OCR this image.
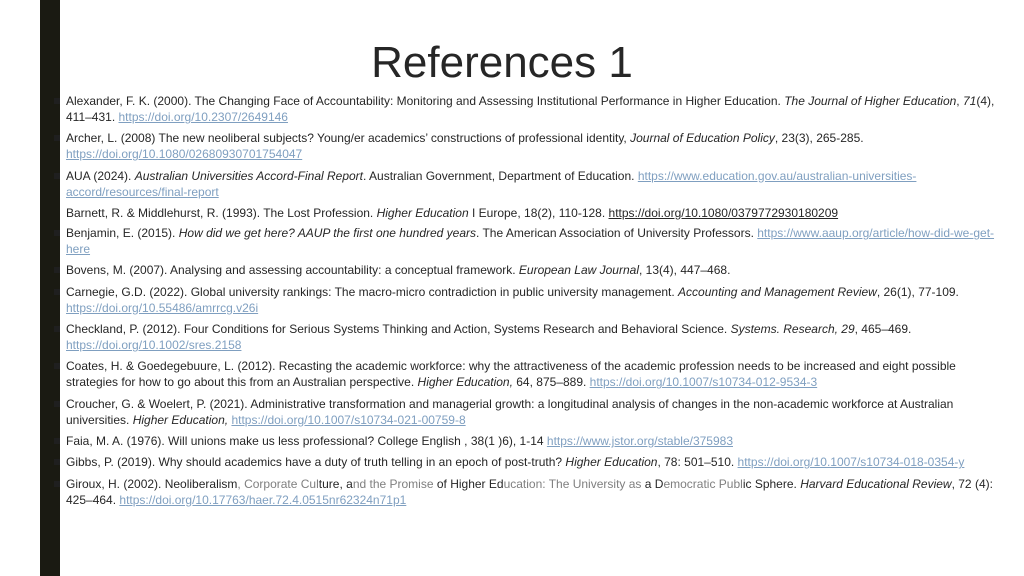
References 1
Alexander, F. K. (2000). The Changing Face of Accountability: Monitoring and Assessing Institutional Performance in Higher Education. The Journal of Higher Education, 71(4), 411–431. https://doi.org/10.2307/2649146
Archer, L. (2008) The new neoliberal subjects? Young/er academics’ constructions of professional identity, Journal of Education Policy, 23(3), 265-285. https://doi.org/10.1080/02680930701754047
AUA (2024). Australian Universities Accord-Final Report. Australian Government, Department of Education. https://www.education.gov.au/australian-universities-accord/resources/final-report
Barnett, R. & Middlehurst, R. (1993). The Lost Profession. Higher Education I Europe, 18(2), 110-128. https://doi.org/10.1080/0379772930180209
Benjamin, E. (2015). How did we get here? AAUP the first one hundred years. The American Association of University Professors. https://www.aaup.org/article/how-did-we-get-here
Bovens, M. (2007). Analysing and assessing accountability: a conceptual framework. European Law Journal, 13(4), 447–468.
Carnegie, G.D. (2022). Global university rankings: The macro-micro contradiction in public university management. Accounting and Management Review, 26(1), 77-109. https://doi.org/10.55486/amrrcg.v26i
Checkland, P. (2012). Four Conditions for Serious Systems Thinking and Action, Systems Research and Behavioral Science. Systems. Research, 29, 465–469. https://doi.org/10.1002/sres.2158
Coates, H. & Goedegebuure, L. (2012). Recasting the academic workforce: why the attractiveness of the academic profession needs to be increased and eight possible strategies for how to go about this from an Australian perspective. Higher Education, 64, 875–889. https://doi.org/10.1007/s10734-012-9534-3
Croucher, G. & Woelert, P. (2021). Administrative transformation and managerial growth: a longitudinal analysis of changes in the non-academic workforce at Australian universities. Higher Education, https://doi.org/10.1007/s10734-021-00759-8
Faia, M. A. (1976). Will unions make us less professional? College English , 38(1 )6), 1-14 https://www.jstor.org/stable/375983
Gibbs, P. (2019). Why should academics have a duty of truth telling in an epoch of post-truth? Higher Education, 78: 501–510. https://doi.org/10.1007/s10734-018-0354-y
Giroux, H. (2002). Neoliberalism, Corporate Culture, and the Promise of Higher Education: The University as a Democratic Public Sphere. Harvard Educational Review, 72 (4): 425–464. https://doi.org/10.17763/haer.72.4.0515nr62324n71p1
